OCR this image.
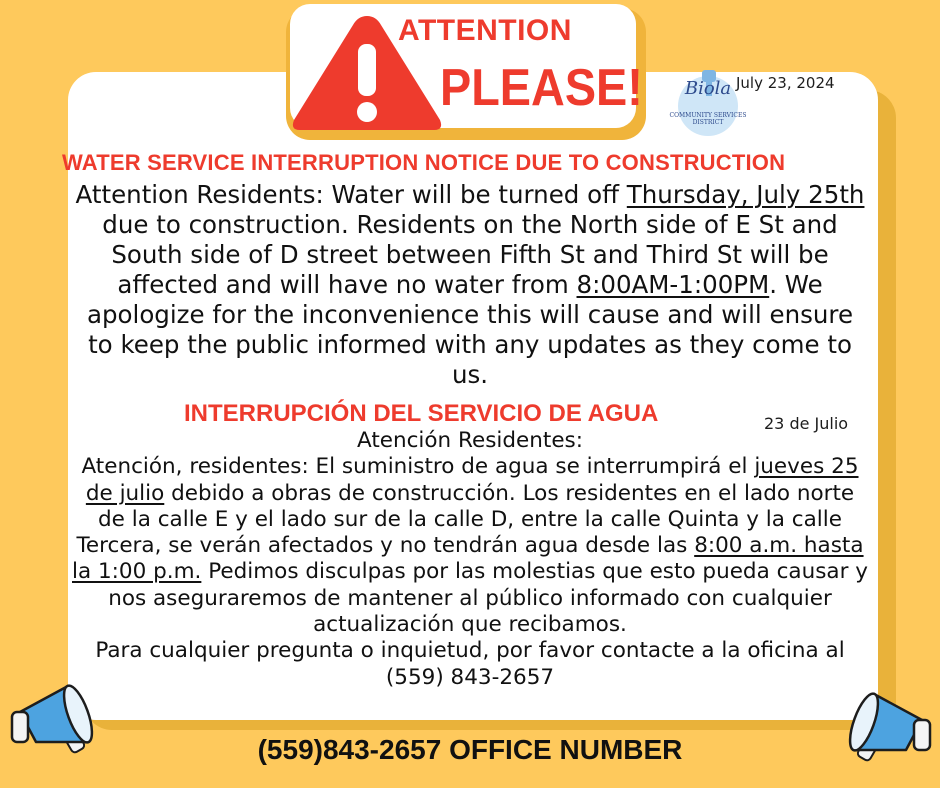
ATTENTION
PLEASE!	Biola
COMMUNITY SERVICES DISTRICT
July 23, 2024
WATER SERVICE INTERRUPTION NOTICE DUE TO CONSTRUCTION
Attention Residents: Water will be turned off Thursday, July 25th due to construction. Residents on the North side of E St and South side of D street between Fifth St and Third St will be affected and will have no water from 8:00AM-1:00PM. We apologize for the inconvenience this will cause and will ensure to keep the public informed with any updates as they come to us.
INTERRUPCIÓN DEL SERVICIO DE AGUA	23 de Julio
Atención Residentes:
Atención, residentes: El suministro de agua se interrumpirá el jueves 25 de julio debido a obras de construcción. Los residentes en el lado norte de la calle E y el lado sur de la calle D, entre la calle Quinta y la calle Tercera, se verán afectados y no tendrán agua desde las 8:00 a.m. hasta la 1:00 p.m. Pedimos disculpas por las molestias que esto pueda causar y nos aseguraremos de mantener al público informado con cualquier actualización que recibamos.
Para cualquier pregunta o inquietud, por favor contacte a la oficina al (559) 843-2657
(559)843-2657 OFFICE NUMBER
